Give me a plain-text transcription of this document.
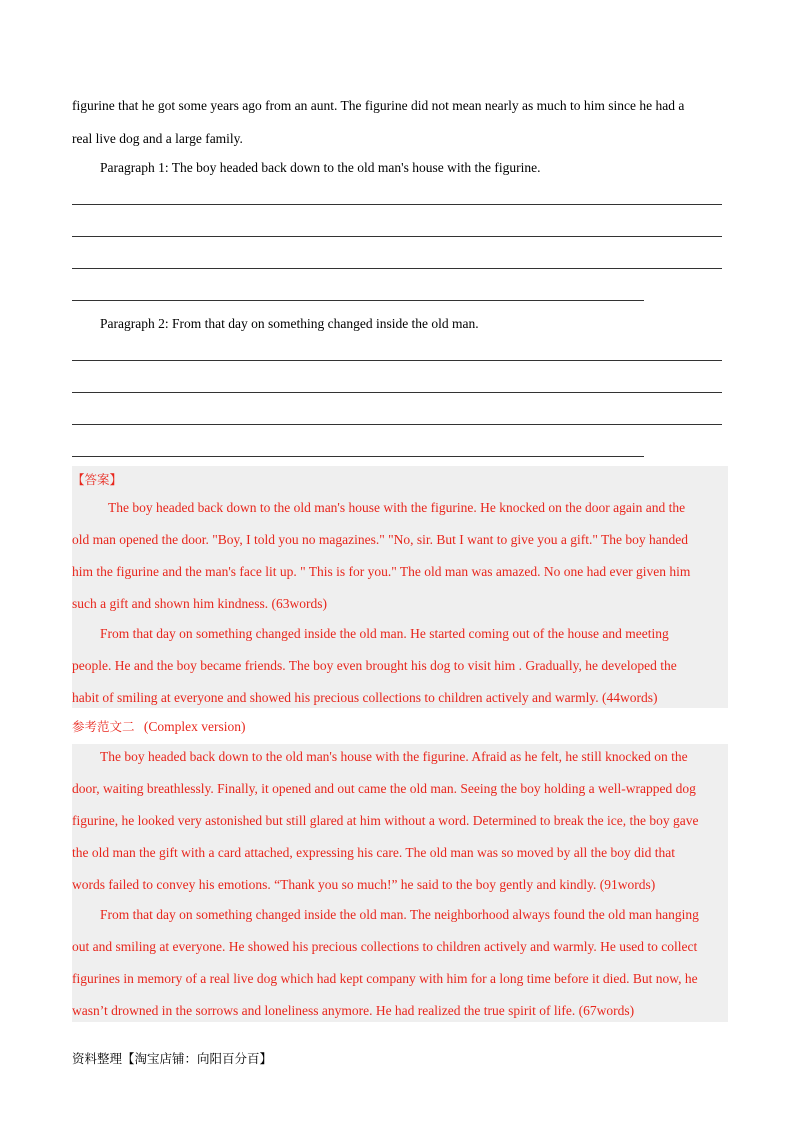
figurine that he got some years ago from an aunt. The figurine did not mean nearly as much to him since he had a
real live dog and a large family.
Paragraph 1: The boy headed back down to the old man's house with the figurine.
Paragraph 2: From that day on something changed inside the old man.
【答案】
The boy headed back down to the old man's house with the figurine. He knocked on the door again and the
old man opened the door. "Boy, I told you no magazines." "No, sir. But I want to give you a gift." The boy handed
him the figurine and the man's face lit up. " This is for you." The old man was amazed. No one had ever given him
such a gift and shown him kindness. (63words)
From that day on something changed inside the old man. He started coming out of the house and meeting
people. He and the boy became friends. The boy even brought his dog to visit him . Gradually, he developed the
habit of smiling at everyone and showed his precious collections to children actively and warmly. (44words)
参考范文二 (Complex version)
The boy headed back down to the old man's house with the figurine. Afraid as he felt, he still knocked on the
door, waiting breathlessly. Finally, it opened and out came the old man. Seeing the boy holding a well-wrapped dog
figurine, he looked very astonished but still glared at him without a word. Determined to break the ice, the boy gave
the old man the gift with a card attached, expressing his care. The old man was so moved by all the boy did that
words failed to convey his emotions. “Thank you so much!” he said to the boy gently and kindly. (91words)
From that day on something changed inside the old man. The neighborhood always found the old man hanging
out and smiling at everyone. He showed his precious collections to children actively and warmly. He used to collect
figurines in memory of a real live dog which had kept company with him for a long time before it died. But now, he
wasn’t drowned in the sorrows and loneliness anymore. He had realized the true spirit of life. (67words)
资料整理【淘宝店铺：向阳百分百】
